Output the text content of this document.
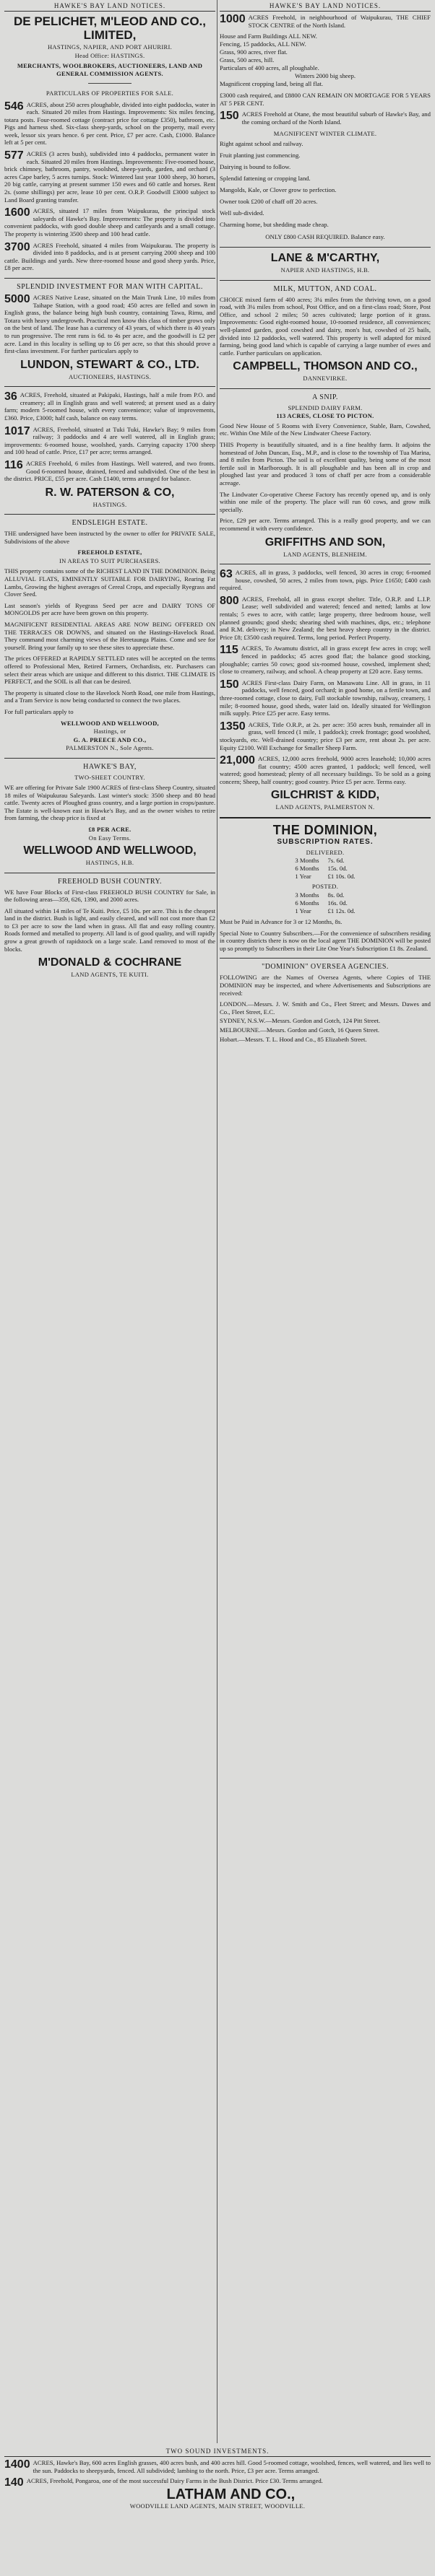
HAWKE'S BAY LAND NOTICES.
DE PELICHET, M'LEOD AND CO., LIMITED,
HASTINGS, NAPIER, AND PORT AHURIRI.
Head Office: HASTINGS.
MERCHANTS, WOOLBROKERS, AUCTIONEERS, LAND AND GENERAL COMMISSION AGENTS.
PARTICULARS OF PROPERTIES FOR SALE.

546 ACRES, about 250 acres ploughable, divided into eight paddocks, water in each. Situated 20 miles from Hastings. Improvements: Six miles fencing, totara posts. Four-roomed cottage (contract price for cottage £350), bathroom, etc. Pigs and harness shed. Six-class sheep-yards, school on the property, mail every week, lessor six years hence. 6 per cent. Price, £7 per acre. Cash, £1000. Balance left at 5 per cent.

577 ACRES (3 acres bush), subdivided into 4 paddocks, permanent water in each. Situated 20 miles from Hastings. Improvements: Five-roomed house, brick chimney, bathroom, pantry, woolshed, sheep-yards, garden, and orchard (3 acres Cape barley, 5 acres turnips. Stock: Wintered last year 1000 sheep, 30 horses, 20 big cattle, carrying at present summer 150 ewes and 60 cattle and horses. Rent 2s. (some shillings) per acre, lease 10 per cent. O.R.P. Goodwill £3000 subject to Land Board granting transfer.

1600 ACRES, situated 17 miles from Waipukurau, the principal stock saleyards of Hawke's Bay. Improvements: The property is divided into convenient paddocks, with good double sheep and cattleyards and a small cottage. The property is wintering 3500 sheep and 100 head cattle.

3700 ACRES Freehold, situated 4 miles from Waipukurau. The property is divided into 8 paddocks, and is at present carrying 2000 sheep and 100 cattle. Buildings and yards. New three-roomed house and good sheep yards. Price, £8 per acre.

SPLENDID INVESTMENT FOR MAN WITH CAPITAL.

5000 ACRES Native Lease, situated on the Main Trunk Line, 10 miles from Taihape Station, with a good road; 450 acres are felled and sown in English grass, the balance being high bush country, containing Tawa, Rimu, and Totara with heavy undergrowth. Practical men know this class of timber grows only on the best of land. The lease has a currency of 43 years, of which there is 40 years to run progressive. The rent runs is 6d. to 4s per acre, and the goodwill is £2 per acre. Land in this locality is selling up to £6 per acre, so that this should prove a first-class investment. For further particulars apply to

LUNDON, STEWART & CO., LTD.
AUCTIONEERS, HASTINGS.

36 ACRES, Freehold, situated at Pakipaki, Hastings, half a mile from P.O. and creamery; all in English grass and well watered; at present used as a dairy farm; modern 5-roomed house, with every convenience; value of improvements, £360. Price, £3000; half cash, balance on easy terms.

1017 ACRES, Freehold, situated at Tuki Tuki, Hawke's Bay; 9 miles from railway; 3 paddocks and 4 are well watered, all in English grass; improvements: 6-roomed house, woolshed, yards. Carrying capacity 1700 sheep and 100 head of cattle. Price, £17 per acre; terms arranged.

116 ACRES Freehold, 6 miles from Hastings. Well watered, and two fronts. Good 6-roomed house, drained, fenced and subdivided. One of the best in the district. PRICE, £55 per acre. Cash £1400, terms arranged for balance.

R. W. PATERSON & CO,
HASTINGS.
ENDSLEIGH ESTATE.

THE undersigned have been instructed by the owner to offer for PRIVATE SALE, Subdivisions of the above

FREEHOLD ESTATE,
IN AREAS TO SUIT PURCHASERS.

THIS property contains some of the RICHEST LAND IN THE DOMINION. Being ALLUVIAL FLATS, EMINENTLY SUITABLE FOR DAIRYING, Rearing Fat Lambs, Growing the highest averages of Cereal Crops, and especially Ryegrass and Clover Seed.

Last season's yields of Ryegrass Seed per acre and DAIRY TONS OF MONGOLDS per acre have been grown on this property.

MAGNIFICENT RESIDENTIAL AREAS ARE NOW BEING OFFERED ON THE TERRACES OR DOWNS, and situated on the Hastings-Havelock Road. They command most charming views of the Heretaunga Plains. Come and see for yourself. Bring your family up to see these sites to appreciate these.

The prices OFFERED at RAPIDLY SETTLED rates will be accepted on the terms offered to Professional Men, Retired Farmers, Orchardists, etc. Purchasers can select their areas which are unique and different to this district. THE CLIMATE IS PERFECT, and the SOIL is all that can be desired.

The property is situated close to the Havelock North Road, one mile from Hastings, and a Tram Service is now being conducted to connect the two places.

For full particulars apply to

WELLWOOD AND WELLWOOD,
Hastings, or
G. A. PREECE AND CO.,
PALMERSTON N., Sole Agents.
HAWKE'S BAY,
TWO-SHEET COUNTRY.

WE are offering for Private Sale 1900 ACRES of first-class Sheep Country, situated 18 miles of Waipukurau Saleyards. Last winter's stock: 3500 sheep and 80 head cattle. Twenty acres of Ploughed grass country, and a large portion in crops/pasture. The Estate is well-known east in Hawke's Bay, and as the owner wishes to retire from farming, the cheap price is fixed at

£8 PER ACRE.
On Easy Terms.
WELLWOOD AND WELLWOOD,
HASTINGS, H.B.
FREEHOLD BUSH COUNTRY.

WE have Four Blocks of First-class FREEHOLD BUSH COUNTRY for Sale, in the following areas—359, 626, 1390, and 2000 acres.

All situated within 14 miles of Te Kuiti. Price, £5 10s. per acre. This is the cheapest land in the district. Bush is light, and easily cleared, and will not cost more than £2 to £3 per acre to sow the land when in grass. All flat and easy rolling country. Roads formed and metalled to property. All land is of good quality, and will rapidly grow a great growth of rapidstock on a large scale. Land removed to most of the blocks.

M'DONALD & COCHRANE
LAND AGENTS, TE KUITI.
HAWKE'S BAY LAND NOTICES.

1000 ACRES Freehold, in neighbourhood of Waipukurau, THE CHIEF STOCK CENTRE of the North Island.

House and Farm Buildings ALL NEW.
Fencing, 15 paddocks, ALL NEW.
Grass, 900 acres, river flat.
Grass, 500 acres, hill.
Particulars of 400 acres, all ploughable.
Winters 2000 big sheep.
Magnificent cropping land, being all flat.

£3000 cash required, and £8800 CAN REMAIN ON MORTGAGE FOR 5 YEARS AT 5 PER CENT.

150 ACRES Freehold at Otane, the most beautiful suburb of Hawke's Bay, and the coming orchard of the North Island.

MAGNIFICENT WINTER CLIMATE.
Right against school and railway.
Fruit planting just commencing.
Dairying is bound to follow.
Splendid fattening or cropping land.
Mangolds, Kale, or Clover grow to perfection.
Owner took £200 of chaff off 20 acres.
Well sub-divided.
Charming home, but shedding made cheap.
ONLY £800 CASH REQUIRED. Balance easy.
LANE & M'CARTHY,
NAPIER AND HASTINGS, H.B.
MILK, MUTTON, AND COAL.

CHOICE mixed farm of 400 acres; 3¼ miles from the thriving town, on a good road, with 3¼ miles from school, Post Office, and on a first-class road; Store, Post Office, and school 2 miles; 50 acres cultivated; large portion of it grass. Improvements: Good eight-roomed house, 10-roomed residence, all conveniences; well-planted garden, good cowshed and dairy, mon's hut, cowshed of 25 bails, divided into 12 paddocks, well watered. This property is well adapted for mixed farming, being good land which is capable of carrying a large number of ewes and cattle. Further particulars on application.

CAMPBELL, THOMSON AND CO.,
DANNEVIRKE.
A SNIP.
SPLENDID DAIRY FARM.
113 ACRES, CLOSE TO PICTON.

Good New House of 5 Rooms with Every Convenience, Stable, Barn, Cowshed, etc. Within One Mile of the New Lindwater Cheese Factory.

THIS Property is beautifully situated, and is a fine healthy farm. It adjoins the homestead of John Duncan, Esq., M.P., and is close to the township of Tua Marina, and 8 miles from Picton. The soil is of excellent quality, being some of the most fertile soil in Marlborough. It is all ploughable and has been all in crop and ploughed last year and produced 3 tons of chaff per acre from a considerable acreage.

The Lindwater Co-operative Cheese Factory has recently opened up, and is only within one mile of the property. The place will run 60 cows, and grow milk specially.

Price, £29 per acre. Terms arranged. This is a really good property, and we can recommend it with every confidence.

GRIFFITHS AND SON,
LAND AGENTS, BLENHEIM.

63 ACRES, all in grass, 3 paddocks, well fenced, 30 acres in crop; 6-roomed house, cowshed, 50 acres, 2 miles from town, pigs. Price £1650; £400 cash required.

800 ACRES, Freehold, all in grass except shelter. Title, O.R.P. and L.I.P. Lease; well subdivided and watered; fenced and netted; lambs at low rentals; 5 ewes to acre, with cattle; large property, three bedroom house, well planned grounds; good sheds; shearing shed with machines, dips, etc.; telephone and R.M. delivery; in New Zealand; the best heavy sheep country in the district. Price £8; £3500 cash required. Terms, long period. Perfect Property.

115 ACRES, To Awamutu district, all in grass except few acres in crop; well fenced in paddocks; 45 acres good flat; the balance good stocking, ploughable; carries 50 cows; good six-roomed house, cowshed, implement shed; close to creamery, railway, and school. A cheap property at £20 acre. Easy terms.

150 ACRES First-class Dairy Farm, on Manawatu Line. All in grass, in 11 paddocks, well fenced, good orchard; in good home, on a fertile town, and three-roomed cottage, close to dairy, Full stockable township, railway, creamery, 1 mile; 8-roomed house, good sheds, water laid on. Ideally situated for Wellington milk supply. Price £25 per acre. Easy terms.

1350 ACRES, Title O.R.P., at 2s. per acre: 350 acres bush, remainder all in grass, well fenced (1 mile, 1 paddock); creek frontage; good woolshed, stockyards, etc. Well-drained country; price £3 per acre, rent about 2s. per acre. Equity £2100. Will Exchange for Smaller Sheep Farm.

21,000 ACRES, 12,000 acres freehold, 9000 acres leasehold; 10,000 acres flat country; 4500 acres granted, 1 paddock; well fenced, well watered; good homestead; plenty of all necessary buildings. To be sold as a going concern; Sheep, half country; good country. Price £5 per acre. Terms easy.

GILCHRIST & KIDD,
LAND AGENTS, PALMERSTON N.
THE DOMINION,
SUBSCRIPTION RATES.
DELIVERED.
3 Months	7s. 6d.
6 Months	15s. 0d.
1 Year	£1 10s. 0d.
POSTED.
3 Months	8s. 0d.
6 Months	16s. 0d.
1 Year	£1 12s. 0d.

Must be Paid in Advance for 3 or 12 Months, 8s.

Special Note to Country Subscribers.—For the convenience of subscribers residing in country districts there is now on the local agent THE DOMINION will be posted up so promptly to Subscribers in their Lite One Year's Subscription £1 8s. Zealand.

"DOMINION" OVERSEA AGENCIES.

FOLLOWING are the Names of Oversea Agents, where Copies of THE DOMINION may be inspected, and where Advertisements and Subscriptions are received:

LONDON.—Messrs. J. W. Smith and Co., Fleet Street; and Messrs. Dawes and Co., Fleet Street, E.C.

SYDNEY, N.S.W.—Messrs. Gordon and Gotch, 124 Pitt Street.

MELBOURNE.—Messrs. Gordon and Gotch, 16 Queen Street.

Hobart.—Messrs. T. L. Hood and Co., 85 Elizabeth Street.

TWO SOUND INVESTMENTS.

1400 ACRES, Hawke's Bay, 600 acres English grasses, 400 acres bush, and 400 acres hill. Good 5-roomed cottage, woolshed, fences, well watered, and lies well to the sun. Paddocks to sheepyards, fenced. All subdivided; lambing to the north. Price, £3 per acre. Terms arranged.

140 ACRES, Freehold, Pongaroa, one of the most successful Dairy Farms in the Bush District. Price £30. Terms arranged.

LATHAM AND CO.,
WOODVILLE LAND AGENTS, MAIN STREET, WOODVILLE.
